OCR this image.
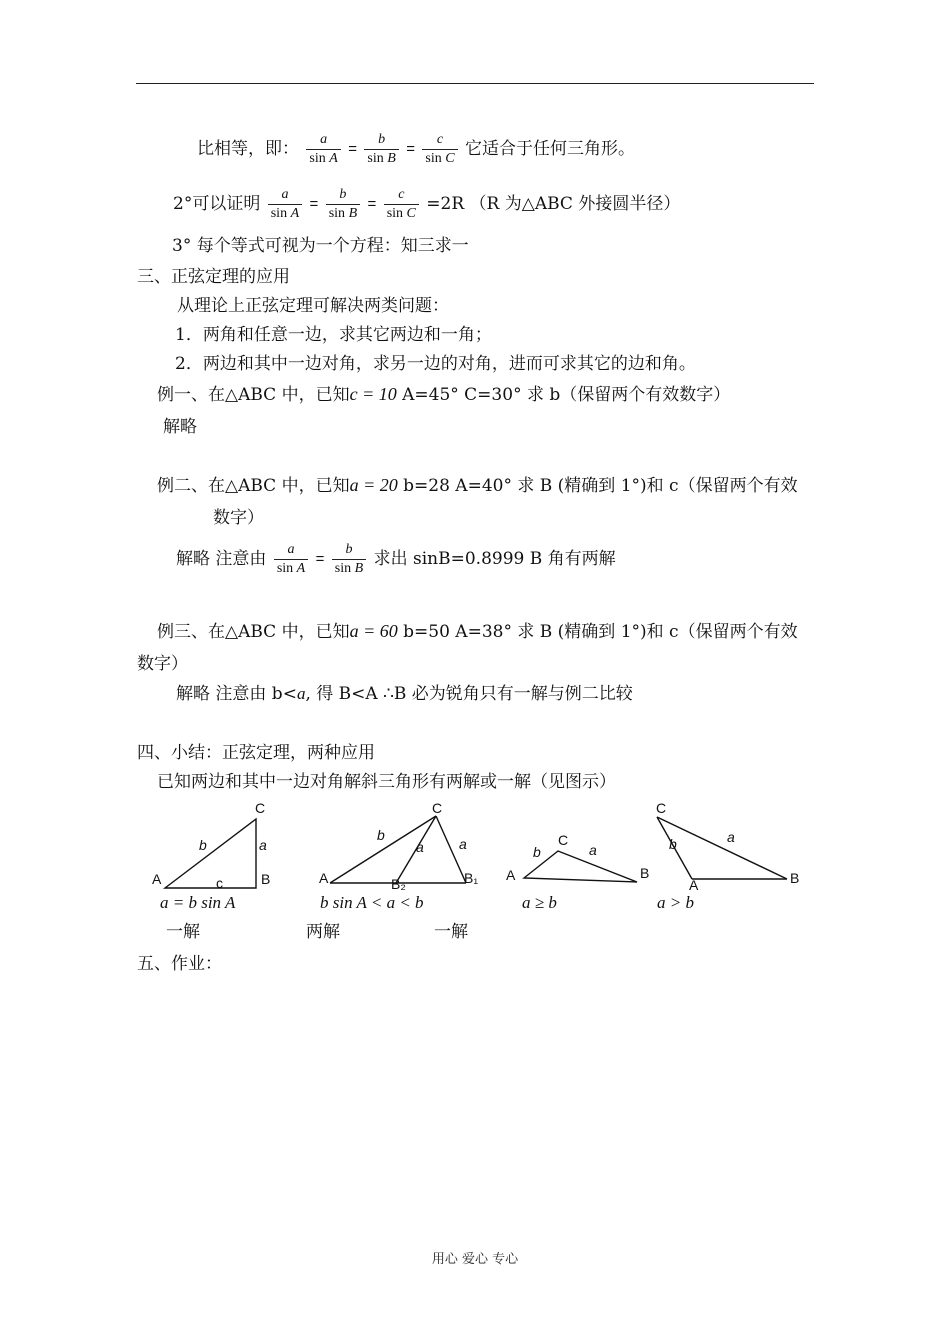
比相等，即： $\frac{a}{\text{sin A}} = \frac{b}{\text{sin B}} = \frac{c}{\text{sin C}}$ 它适合于任何三角形。
2°可以证明 $\frac{a}{\text{sin A}} = \frac{b}{\text{sin B}} = \frac{c}{\text{sin C}} =2R$ （R 为△ABC 外接圆半径）
3° 每个等式可视为一个方程：知三求一
三、正弦定理的应用
从理论上正弦定理可解决两类问题：
1．两角和任意一边，求其它两边和一角；
2．两边和其中一边对角，求另一边的对角，进而可求其它的边和角。
例一、在△ABC 中，已知c = 10 A=45° C=30° 求 b（保留两个有效数字）
解略
例二、在△ABC 中，已知a = 20 b=28 A=40° 求 B (精确到 1°)和 c（保留两个有效
数字）
解略 注意由 $\frac{a}{\text{sin A}} = \frac{b}{\text{sin B}}$ 求出 sinB=0.8999 B 角有两解
例三、在△ABC 中，已知a = 60 b=50 A=38° 求 B (精确到 1°)和 c（保留两个有效
数字）
解略 注意由 b<a, 得 B<A ∴B 必为锐角只有一解与例二比较
四、小结：正弦定理，两种应用
已知两边和其中一边对角解斜三角形有两解或一解（见图示）
C
A	B
b	a
c
C
A	B₂	B₁
b
a	a	C
A	B
b	a
C
A	B
b	a
a = b sin A	b sin A < a < b	a ≥ b	a > b
一解	两解	一解
五、作业：
用心 爱心 专心
